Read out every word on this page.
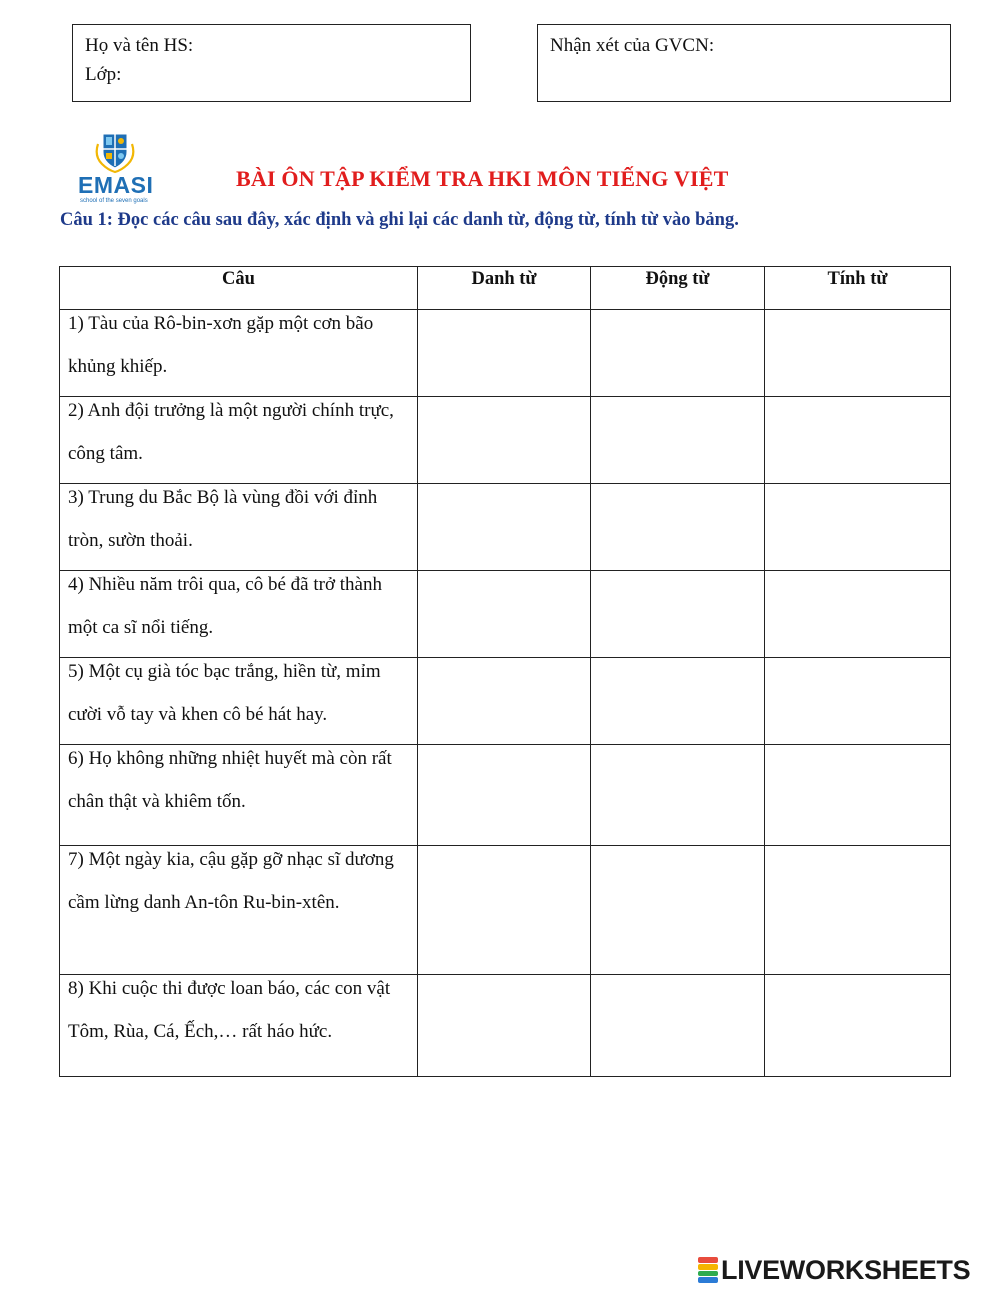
Họ và tên HS:
Lớp:
Nhận xét của GVCN:
EMASI
school of the seven goals
BÀI ÔN TẬP KIỂM TRA HKI MÔN TIẾNG VIỆT
Câu 1: Đọc các câu sau đây, xác định và ghi lại các danh từ, động từ, tính từ vào bảng.
Câu	Danh từ	Động từ	Tính từ

1) Tàu của Rô-bin-xơn gặp một cơn bão khủng khiếp.

2) Anh đội trưởng là một người chính trực, công tâm.

3) Trung du Bắc Bộ là vùng đồi với đỉnh tròn, sườn thoải.

4) Nhiều năm trôi qua, cô bé đã trở thành một ca sĩ nổi tiếng.

5) Một cụ già tóc bạc trắng, hiền từ, mỉm cười vỗ tay và khen cô bé hát hay.

6) Họ không những nhiệt huyết mà còn rất chân thật và khiêm tốn.

7) Một ngày kia, cậu gặp gỡ nhạc sĩ dương cầm lừng danh An-tôn Ru-bin-xtên.

8) Khi cuộc thi được loan báo, các con vật Tôm, Rùa, Cá, Ếch,… rất háo hức.

LIVEWORKSHEETS
